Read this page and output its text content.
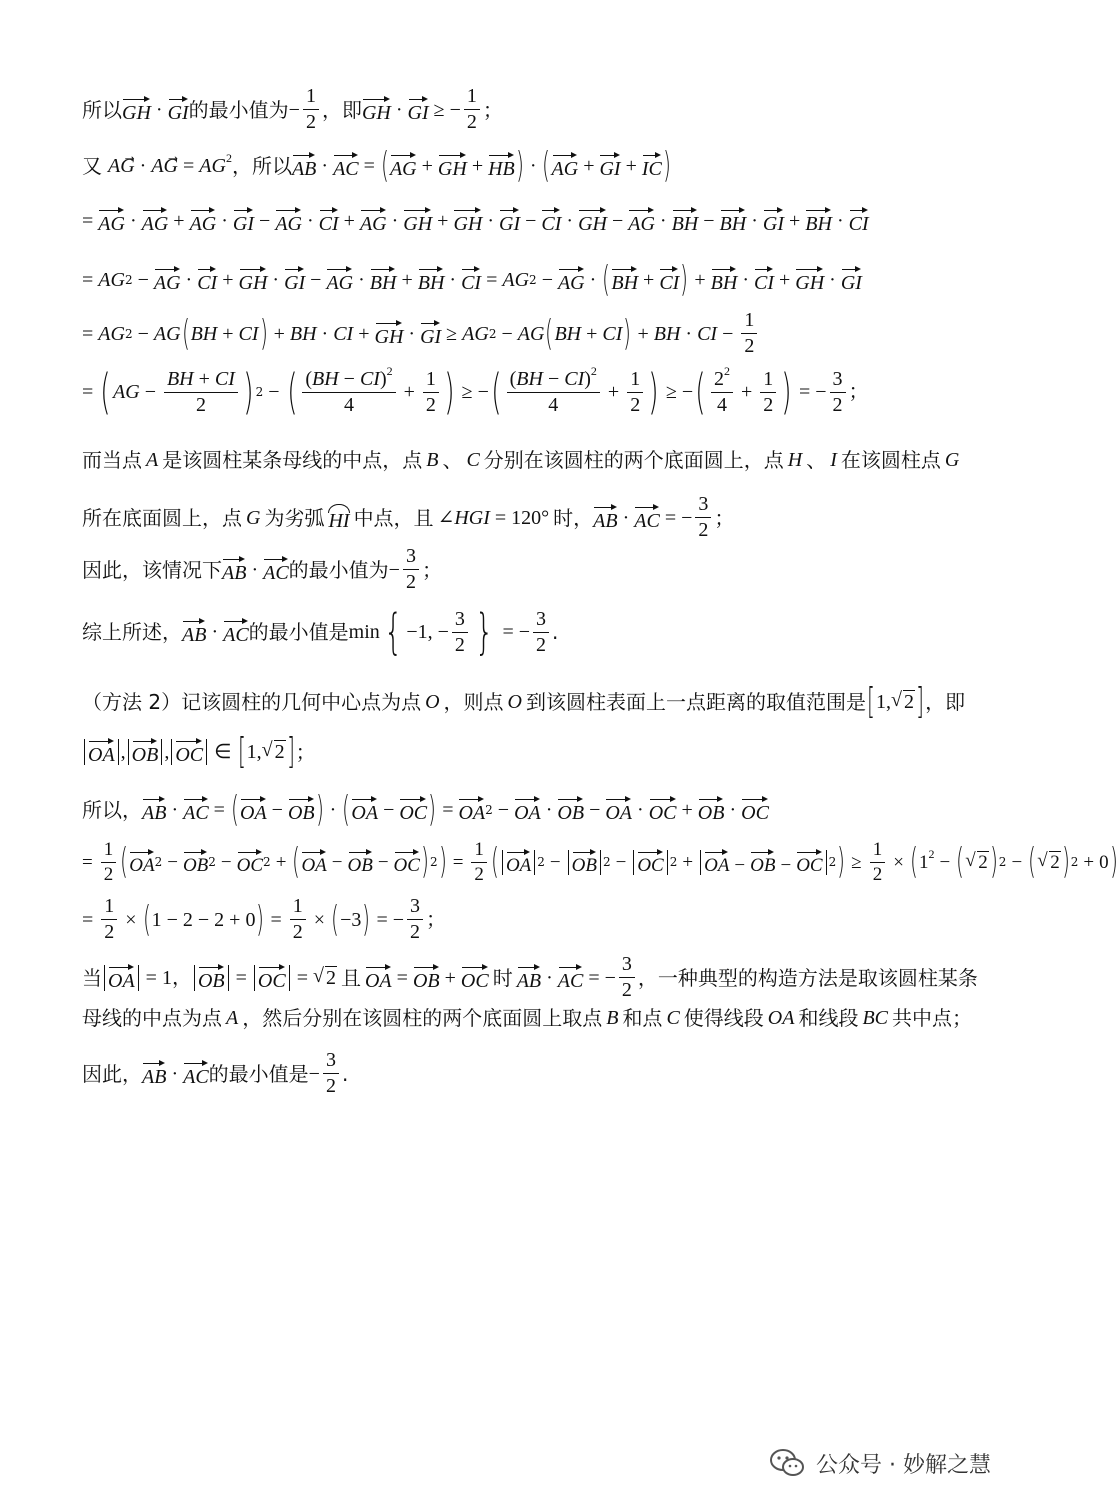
所以 GH · GI 的最小值为 − $\frac{1}{2}$ ，即 GH · GI ≥ − $\frac{1}{2}$ ；
又 AG · AG = $AG^2$ ，所以 AB · AC = ( AG + GH + HB ) · ( AG + GI + IC )
= AG · AG + AG · GI − AG · CI + AG · GH + GH · GI − CI · GH − AG · BH − BH · GI + BH · CI
= AG 2 − AG · CI + GH · GI − AG · BH + BH · CI = AG 2 − AG · ( BH + CI ) + BH · CI + GH · GI
= AG 2 − AG ( BH + CI ) + BH · CI + GH · GI ≥ AG 2 − AG ( BH + CI ) + BH · CI − $\frac{1}{2}$
= ( AG − $\frac{BH + CI}{2}$ ) 2 − ( $\frac{(BH - CI)^2}{4} + \frac{1}{2}$ ) ≥ − ( $\frac{(BH - CI)^2}{4} + \frac{1}{2}$ ) ≥ − ( $\frac{2^2}{4} + \frac{1}{2}$ ) = − $\frac{3}{2}$ ；
而当点 A 是该圆柱某条母线的中点，点 B 、 C 分别在该圆柱的两个底面圆上，点 H 、 I 在该圆柱点 G
所在底面圆上，点 G 为劣弧 HI 中点，且 ∠HGI = 120° 时， AB · AC = − $\frac{3}{2}$ ；
因此，该情况下 AB · AC 的最小值为 − $\frac{3}{2}$ ；
综上所述， AB · AC 的最小值是 min { −1, − $\frac{3}{2}$ } = − $\frac{3}{2}$ .
（方法 2）记该圆柱的几何中心点为点 O ，则点 O 到该圆柱表面上一点距离的取值范围是 [ 1, √ 2 ] ，即
OA , OB , OC ∈ [ 1, √ 2 ] ；
所以， AB · AC = ( OA − OB ) · ( OA − OC ) = OA 2 − OA · OB − OA · OC + OB · OC
= $\frac{1}{2}$ ( OA 2 − OB 2 − OC 2 + ( OA − OB − OC ) 2 ) = $\frac{1}{2}$ ( OA 2 − OB 2 − OC 2 + OA − OB − OC 2 ) ≥ $\frac{1}{2}$ × ( $1^2$ − ( √ 2 ) 2 − ( √ 2 ) 2 + 0 )
= $\frac{1}{2}$ × ( 1 − 2 − 2 + 0 ) = $\frac{1}{2}$ × ( −3 ) = − $\frac{3}{2}$ ；
当 OA = 1 ， OB = OC = √ 2 且 OA = OB + OC 时 AB · AC = − $\frac{3}{2}$ ，一种典型的构造方法是取该圆柱某条
母线的中点为点 A ，然后分别在该圆柱的两个底面圆上取点 B 和点 C 使得线段 OA 和线段 BC 共中点；
因此， AB · AC 的最小值是 − $\frac{3}{2}$ .
公众号 · 妙解之慧
